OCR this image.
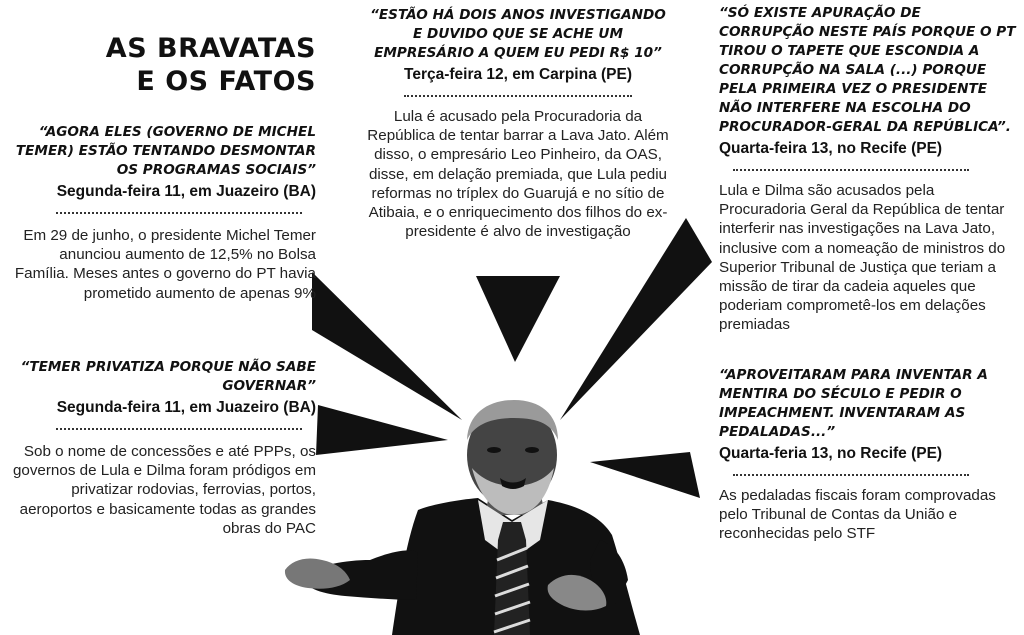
AS BRAVATAS
E OS FATOS
“AGORA ELES (GOVERNO DE MICHEL TEMER) ESTÃO TENTANDO DESMONTAR OS PROGRAMAS SOCIAIS”
Segunda-feira 11, em Juazeiro (BA)
Em 29 de junho, o presidente Michel Temer anunciou aumento de 12,5% no Bolsa Família. Meses antes o governo do PT havia prometido aumento de apenas 9%
“TEMER PRIVATIZA PORQUE NÃO SABE GOVERNAR”
Segunda-feira 11, em Juazeiro (BA)
Sob o nome de concessões e até PPPs, os governos de Lula e Dilma foram pródigos em privatizar rodovias, ferrovias, portos, aeroportos e basicamente todas as grandes obras do PAC
“ESTÃO HÁ DOIS ANOS INVESTIGANDO E DUVIDO QUE SE ACHE UM EMPRESÁRIO A QUEM EU PEDI R$ 10”
Terça-feira 12, em Carpina (PE)
Lula é acusado pela Procuradoria da República de tentar barrar a Lava Jato. Além disso, o empresário Leo Pinheiro, da OAS, disse, em delação premiada, que Lula pediu reformas no tríplex do Guarujá e no sítio de Atibaia, e o enriquecimento dos filhos do ex-presidente é alvo de investigação
“SÓ EXISTE APURAÇÃO DE CORRUPÇÃO NESTE PAÍS PORQUE O PT TIROU O TAPETE QUE ESCONDIA A CORRUPÇÃO NA SALA (...) PORQUE PELA PRIMEIRA VEZ O PRESIDENTE NÃO INTERFERE NA ESCOLHA DO PROCURADOR-GERAL DA REPÚBLICA”.
Quarta-feira 13, no Recife (PE)
Lula e Dilma são acusados pela Procuradoria Geral da República de tentar interferir nas investigações na Lava Jato, inclusive com a nomeação de ministros do Superior Tribunal de Justiça que teriam a missão de tirar da cadeia aqueles que poderiam comprometê-los em delações premiadas
“APROVEITARAM PARA INVENTAR A MENTIRA DO SÉCULO E PEDIR O IMPEACHMENT. INVENTARAM AS PEDALADAS...”
Quarta-feria 13, no Recife (PE)
As pedaladas fiscais foram comprovadas pelo Tribunal de Contas da União e reconhecidas pelo STF
